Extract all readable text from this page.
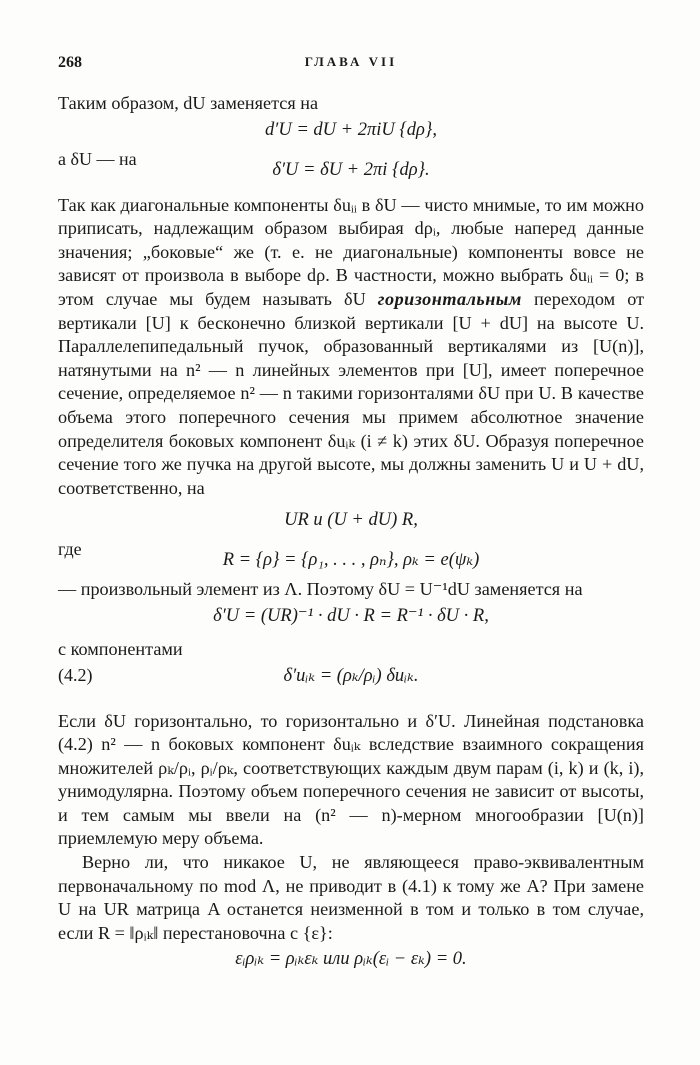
268	ГЛАВА VII

Таким образом, dU заменяется на

d′U = dU + 2πiU {dρ},
а δU — на
δ′U = δU + 2πi {dρ}.

Так как диагональные компоненты δuᵢᵢ в δU — чисто мнимые, то им можно приписать, надлежащим образом выбирая dρᵢ, любые наперед данные значения; „боковые“ же (т. е. не диагональные) компоненты вовсе не зависят от произвола в выборе dρ. В частности, можно выбрать δuᵢᵢ = 0; в этом случае мы будем называть δU горизонтальным переходом от вертикали [U] к бесконечно близкой вертикали [U + dU] на высоте U. Параллелепипедальный пучок, образованный вертикалями из [U(n)], натянутыми на n² — n линейных элементов при [U], имеет поперечное сечение, определяемое n² — n такими горизонталями δU при U. В качестве объема этого поперечного сечения мы примем абсолютное значение определителя боковых компонент δuᵢₖ (i ≠ k) этих δU. Образуя поперечное сечение того же пучка на другой высоте, мы должны заменить U и U + dU, соответственно, на

UR и (U + dU) R,
где
R = {ρ} = {ρ₁, . . . , ρₙ}, ρₖ = e(ψₖ)

— произвольный элемент из Λ. Поэтому δU = U⁻¹dU заменяется на

δ′U = (UR)⁻¹ · dU · R = R⁻¹ · δU · R,

с компонентами

(4.2)	δ′uᵢₖ = (ρₖ/ρᵢ) δuᵢₖ.

Если δU горизонтально, то горизонтально и δ′U. Линейная подстановка (4.2) n² — n боковых компонент δuᵢₖ вследствие взаимного сокращения множителей ρₖ/ρᵢ, ρᵢ/ρₖ, соответствующих каждым двум парам (i, k) и (k, i), унимодулярна. Поэтому объем поперечного сечения не зависит от высоты, и тем самым мы ввели на (n² — n)-мерном многообразии [U(n)] приемлемую меру объема.

Верно ли, что никакое U, не являющееся право-эквивалентным первоначальному по mod Λ, не приводит в (4.1) к тому же A? При замене U на UR матрица A останется неизменной в том и только в том случае, если R = ‖ρᵢₖ‖ перестановочна с {ε}:

εᵢρᵢₖ = ρᵢₖεₖ или ρᵢₖ(εᵢ − εₖ) = 0.
